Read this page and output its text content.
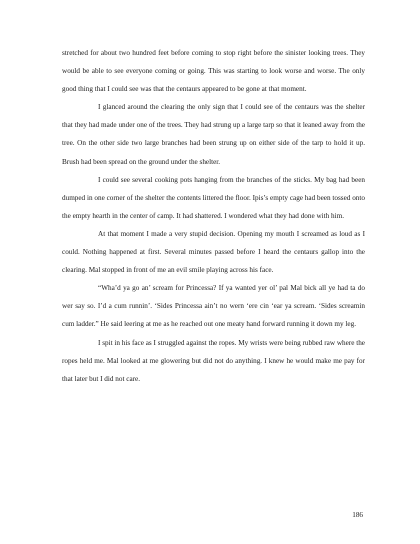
stretched for about two hundred feet before coming to stop right before the sinister looking trees. They would be able to see everyone coming or going. This was starting to look worse and worse. The only good thing that I could see was that the centaurs appeared to be gone at that moment.

I glanced around the clearing the only sign that I could see of the centaurs was the shelter that they had made under one of the trees. They had strung up a large tarp so that it leaned away from the tree. On the other side two large branches had been strung up on either side of the tarp to hold it up. Brush had been spread on the ground under the shelter.

I could see several cooking pots hanging from the branches of the sticks. My bag had been dumped in one corner of the shelter the contents littered the floor. Ipis’s empty cage had been tossed onto the empty hearth in the center of camp. It had shattered. I wondered what they had done with him.

At that moment I made a very stupid decision. Opening my mouth I screamed as loud as I could. Nothing happened at first. Several minutes passed before I heard the centaurs gallop into the clearing. Mal stopped in front of me an evil smile playing across his face.

“Wha’d ya go an’ scream for Princessa? If ya wanted yer ol’ pal Mal bick all ye had ta do wer say so. I’d a cum runnin’. ‘Sides Princessa ain’t no wern ‘ere cin ‘ear ya scream. ‘Sides screamin cum ladder.” He said leering at me as he reached out one meaty hand forward running it down my leg.

I spit in his face as I struggled against the ropes. My wrists were being rubbed raw where the ropes held me. Mal looked at me glowering but did not do anything. I knew he would make me pay for that later but I did not care.

186
